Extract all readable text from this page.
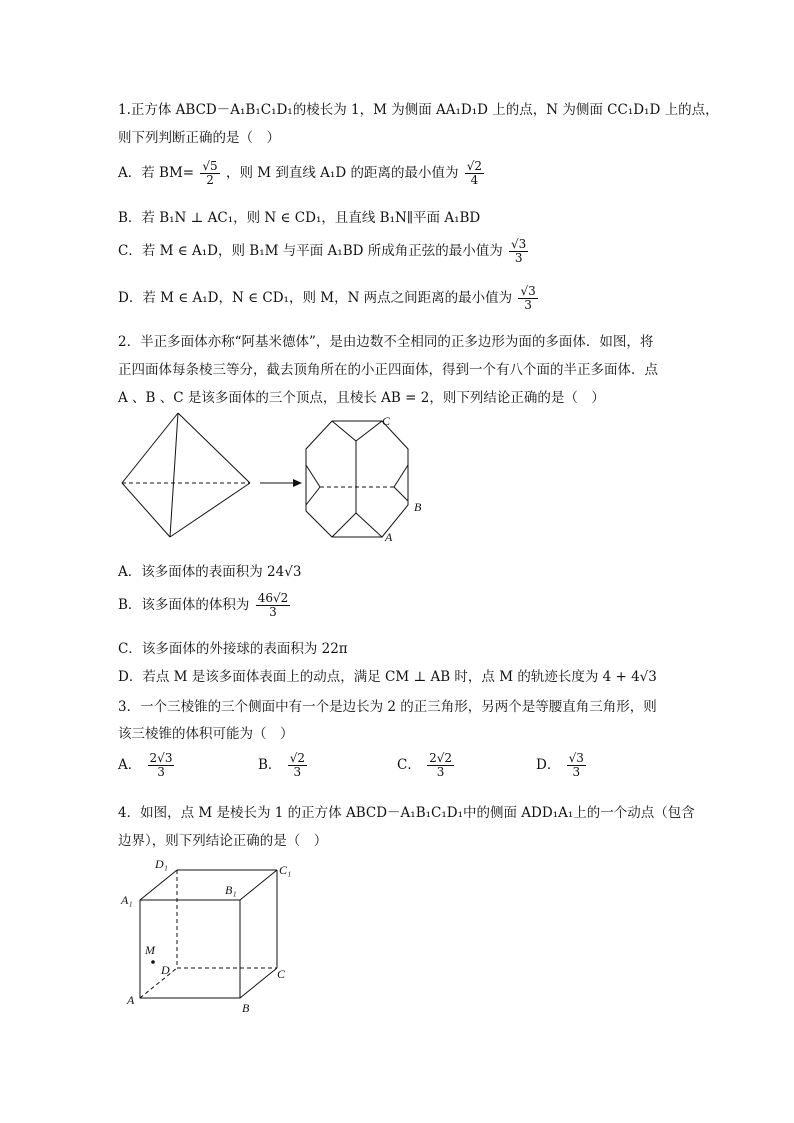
1.正方体 ABCD－A₁B₁C₁D₁的棱长为 1，M 为侧面 AA₁D₁D 上的点，N 为侧面 CC₁D₁D 上的点，
则下列判断正确的是（　）
A．若 $BM= \frac{√5}{2}$ ，则 M 到直线 A₁D 的距离的最小值为 $\frac{√2}{4}$
B．若 B₁N ⊥ AC₁，则 N ∈ CD₁，且直线 B₁N∥平面 A₁BD
C．若 M ∈ A₁D，则 B₁M 与平面 A₁BD 所成角正弦的最小值为 $\frac{√3}{3}$
D．若 M ∈ A₁D，N ∈ CD₁，则 M，N 两点之间距离的最小值为 $\frac{√3}{3}$
2．半正多面体亦称“阿基米德体”，是由边数不全相同的正多边形为面的多面体．如图，将
正四面体每条棱三等分，截去顶角所在的小正四面体，得到一个有八个面的半正多面体．点
A 、B 、C 是该多面体的三个顶点，且棱长 AB = 2，则下列结论正确的是（　）
C
B
A
A．该多面体的表面积为 24√3
B．该多面体的体积为 $\frac{46√2}{3}$
C．该多面体的外接球的表面积为 22π
D．若点 M 是该多面体表面上的动点，满足 CM ⊥ AB 时，点 M 的轨迹长度为 4 + 4√3
3．一个三棱锥的三个侧面中有一个是边长为 2 的正三角形，另两个是等腰直角三角形，则
该三棱锥的体积可能为（　）
A． $\frac{2√3}{3}$	B． $\frac{√2}{3}$	C． $\frac{2√2}{3}$	D． $\frac{√3}{3}$
4．如图，点 M 是棱长为 1 的正方体 ABCD－A₁B₁C₁D₁中的侧面 ADD₁A₁上的一个动点（包含
边界），则下列结论正确的是（　）
D₁	C₁
B₁
A₁
M
D	C
A
B
